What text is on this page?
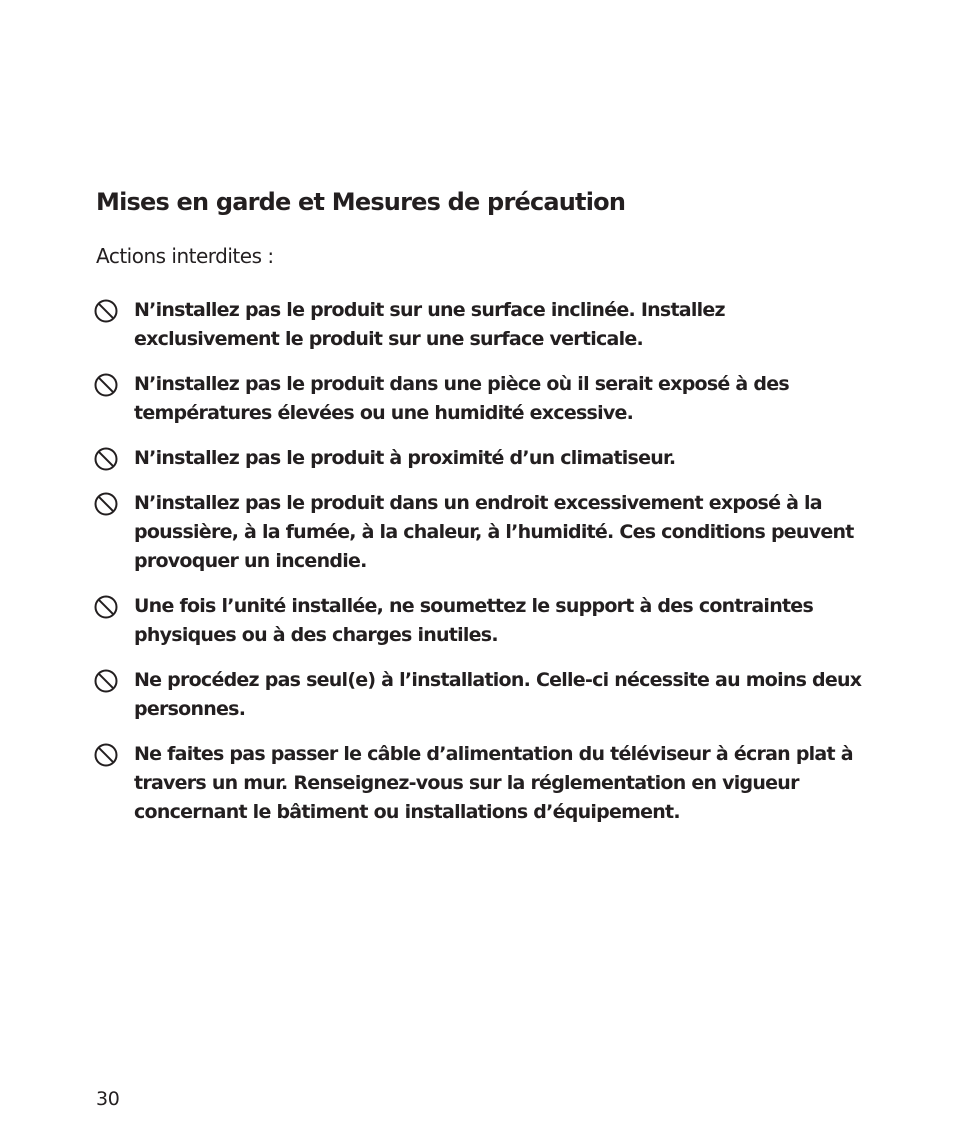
Mises en garde et Mesures de précaution
Actions interdites :
N’installez pas le produit sur une surface inclinée. Installez exclusivement le produit sur une surface verticale.
N’installez pas le produit dans une pièce où il serait exposé à des températures élevées ou une humidité excessive.
N’installez pas le produit à proximité d’un climatiseur.
N’installez pas le produit dans un endroit excessivement exposé à la poussière, à la fumée, à la chaleur, à l’humidité. Ces conditions peuvent provoquer un incendie.
Une fois l’unité installée, ne soumettez le support à des contraintes physiques ou à des charges inutiles.
Ne procédez pas seul(e) à l’installation. Celle-ci nécessite au moins deux personnes.
Ne faites pas passer le câble d’alimentation du téléviseur à écran plat à travers un mur. Renseignez-vous sur la réglementation en vigueur concernant le bâtiment ou installations d’équipement.
30
